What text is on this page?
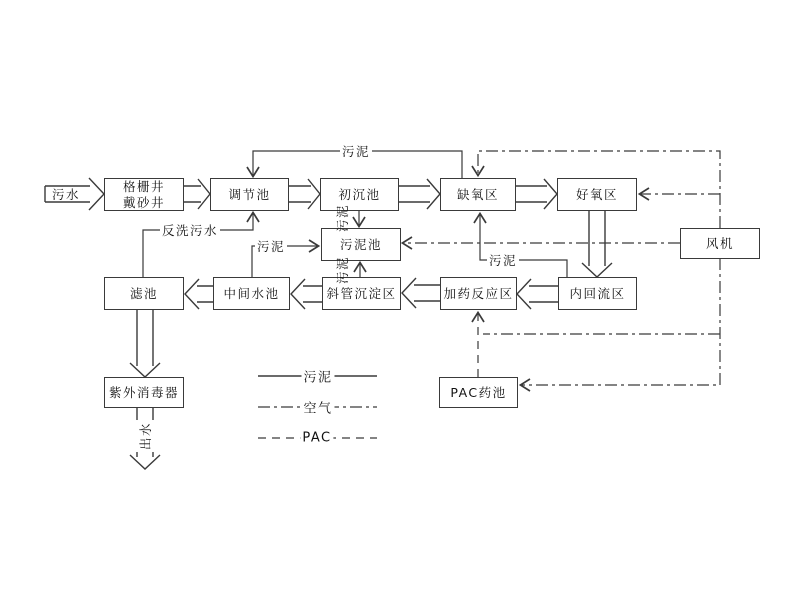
格栅井
戴砂井
调节池	初沉池	缺氧区	好氧区
风机
污泥池
内回流区
加药反应区
斜管沉淀区
中间水池
滤池
紫外消毒器	PAC药池
污水
污泥
反洗污水
污泥
污泥
污泥	污泥
出水
污泥
空气
PAC
